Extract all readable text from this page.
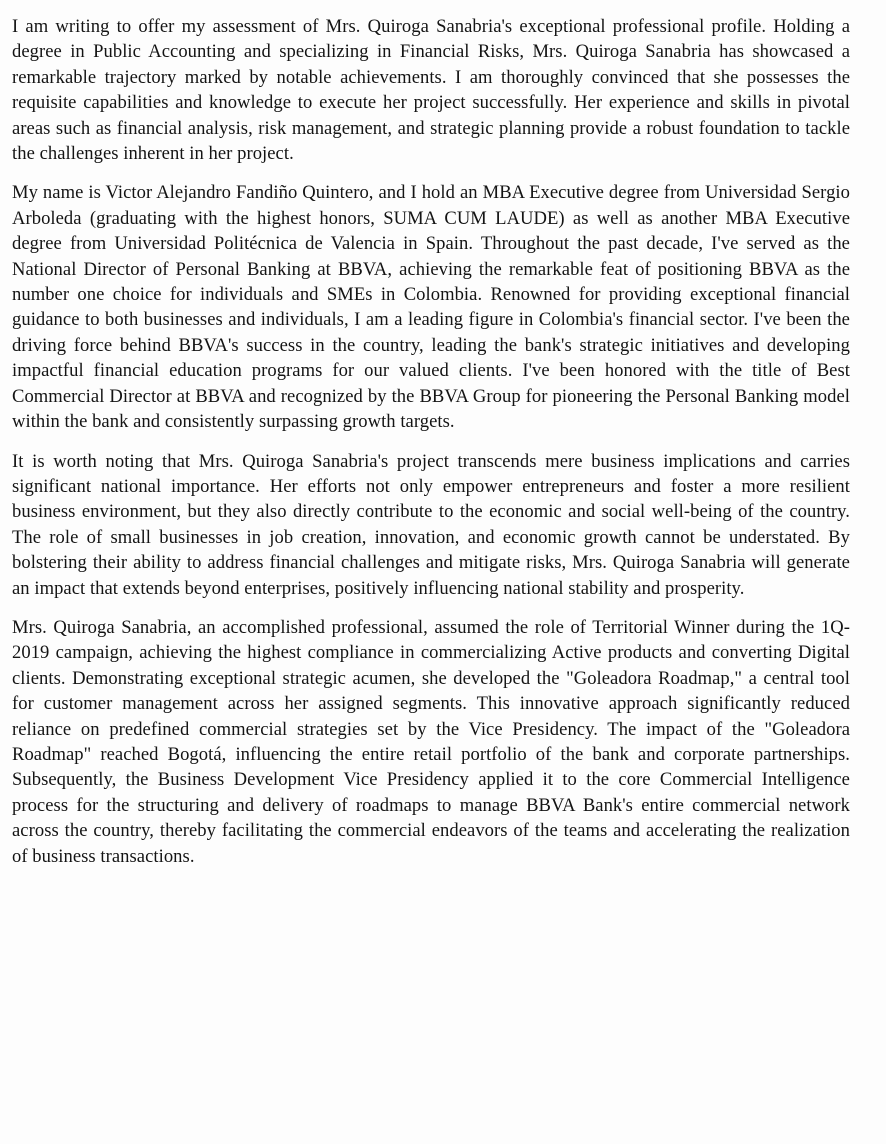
I am writing to offer my assessment of Mrs. Quiroga Sanabria's exceptional professional profile. Holding a degree in Public Accounting and specializing in Financial Risks, Mrs. Quiroga Sanabria has showcased a remarkable trajectory marked by notable achievements. I am thoroughly convinced that she possesses the requisite capabilities and knowledge to execute her project successfully. Her experience and skills in pivotal areas such as financial analysis, risk management, and strategic planning provide a robust foundation to tackle the challenges inherent in her project.

My name is Victor Alejandro Fandiño Quintero, and I hold an MBA Executive degree from Universidad Sergio Arboleda (graduating with the highest honors, SUMA CUM LAUDE) as well as another MBA Executive degree from Universidad Politécnica de Valencia in Spain. Throughout the past decade, I've served as the National Director of Personal Banking at BBVA, achieving the remarkable feat of positioning BBVA as the number one choice for individuals and SMEs in Colombia. Renowned for providing exceptional financial guidance to both businesses and individuals, I am a leading figure in Colombia's financial sector. I've been the driving force behind BBVA's success in the country, leading the bank's strategic initiatives and developing impactful financial education programs for our valued clients. I've been honored with the title of Best Commercial Director at BBVA and recognized by the BBVA Group for pioneering the Personal Banking model within the bank and consistently surpassing growth targets.

It is worth noting that Mrs. Quiroga Sanabria's project transcends mere business implications and carries significant national importance. Her efforts not only empower entrepreneurs and foster a more resilient business environment, but they also directly contribute to the economic and social well-being of the country. The role of small businesses in job creation, innovation, and economic growth cannot be understated. By bolstering their ability to address financial challenges and mitigate risks, Mrs. Quiroga Sanabria will generate an impact that extends beyond enterprises, positively influencing national stability and prosperity.

Mrs. Quiroga Sanabria, an accomplished professional, assumed the role of Territorial Winner during the 1Q-2019 campaign, achieving the highest compliance in commercializing Active products and converting Digital clients. Demonstrating exceptional strategic acumen, she developed the "Goleadora Roadmap," a central tool for customer management across her assigned segments. This innovative approach significantly reduced reliance on predefined commercial strategies set by the Vice Presidency. The impact of the "Goleadora Roadmap" reached Bogotá, influencing the entire retail portfolio of the bank and corporate partnerships. Subsequently, the Business Development Vice Presidency applied it to the core Commercial Intelligence process for the structuring and delivery of roadmaps to manage BBVA Bank's entire commercial network across the country, thereby facilitating the commercial endeavors of the teams and accelerating the realization of business transactions.
